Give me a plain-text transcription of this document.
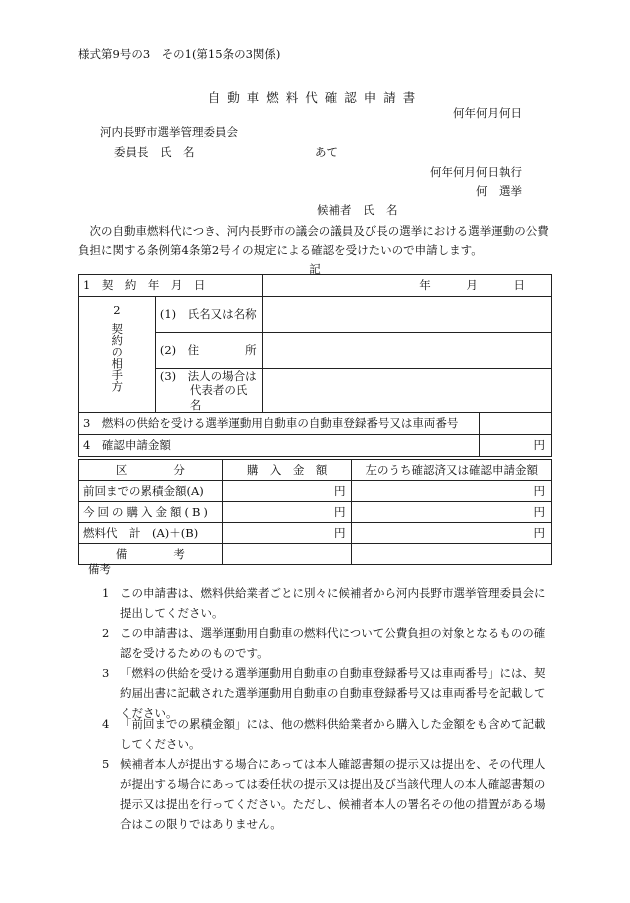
様式第9号の3　その1(第15条の3関係)
自動車燃料代確認申請書
何年何月何日
河内長野市選挙管理委員会
委員長　氏　名	あて
何年何月何日執行
何　選挙
候補者　氏　名
次の自動車燃料代につき、河内長野市の議会の議員及び長の選挙における選挙運動の公費負担に関する条例第4条第2号イの規定による確認を受けたいので申請します。
記
1　契　約　年　月　日		年 月 日	

2
契約の相手方	(1)　氏名又は名称		
	(2)　住　　　　所		

	(3)　法人の場合は
代表者の氏名		

3　燃料の供給を受ける選挙運動用自動車の自動車登録番号又は車両番号			
4　確認申請金額			円
区　　　　分	購　入　金　額	左のうち確認済又は確認申請金額
前回までの累積金額(A)	円	円
今回の購入金額(B)	円	円
燃料代　計　(A)＋(B)	円	円
備　　　　考		
備考
1 この申請書は、燃料供給業者ごとに別々に候補者から河内長野市選挙管理委員会に提出してください。
2 この申請書は、選挙運動用自動車の燃料代について公費負担の対象となるものの確認を受けるためのものです。
3 「燃料の供給を受ける選挙運動用自動車の自動車登録番号又は車両番号」には、契約届出書に記載された選挙運動用自動車の自動車登録番号又は車両番号を記載してください。
4 「前回までの累積金額」には、他の燃料供給業者から購入した金額をも含めて記載してください。
5 候補者本人が提出する場合にあっては本人確認書類の提示又は提出を、その代理人が提出する場合にあっては委任状の提示又は提出及び当該代理人の本人確認書類の提示又は提出を行ってください。ただし、候補者本人の署名その他の措置がある場合はこの限りではありません。
